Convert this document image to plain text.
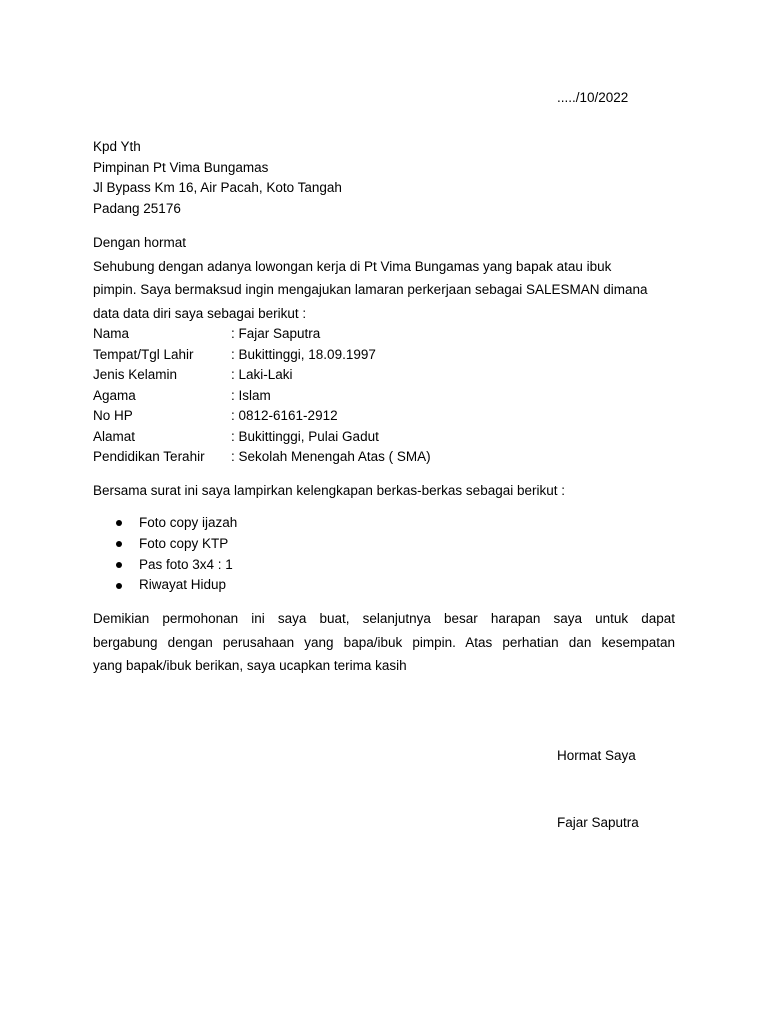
...../10/2022
Kpd Yth
Pimpinan Pt Vima Bungamas
Jl Bypass Km 16, Air Pacah, Koto Tangah
Padang 25176
Dengan hormat
Sehubung dengan adanya lowongan kerja di Pt Vima Bungamas yang bapak atau ibuk
pimpin. Saya bermaksud ingin mengajukan lamaran perkerjaan sebagai SALESMAN dimana
data data diri saya sebagai berikut :
Nama	: Fajar Saputra
Tempat/Tgl Lahir	: Bukittinggi, 18.09.1997
Jenis Kelamin	: Laki-Laki
Agama	: Islam
No HP	: 0812-6161-2912
Alamat	: Bukittinggi, Pulai Gadut
Pendidikan Terahir	: Sekolah Menengah Atas ( SMA)
Bersama surat ini saya lampirkan kelengkapan berkas-berkas sebagai berikut :
Foto copy ijazah
Foto copy KTP
Pas foto 3x4 : 1
Riwayat Hidup
Demikian permohonan ini saya buat, selanjutnya besar harapan saya untuk dapat
bergabung dengan perusahaan yang bapa/ibuk pimpin. Atas perhatian dan kesempatan
yang bapak/ibuk berikan, saya ucapkan terima kasih
Hormat Saya
Fajar Saputra
